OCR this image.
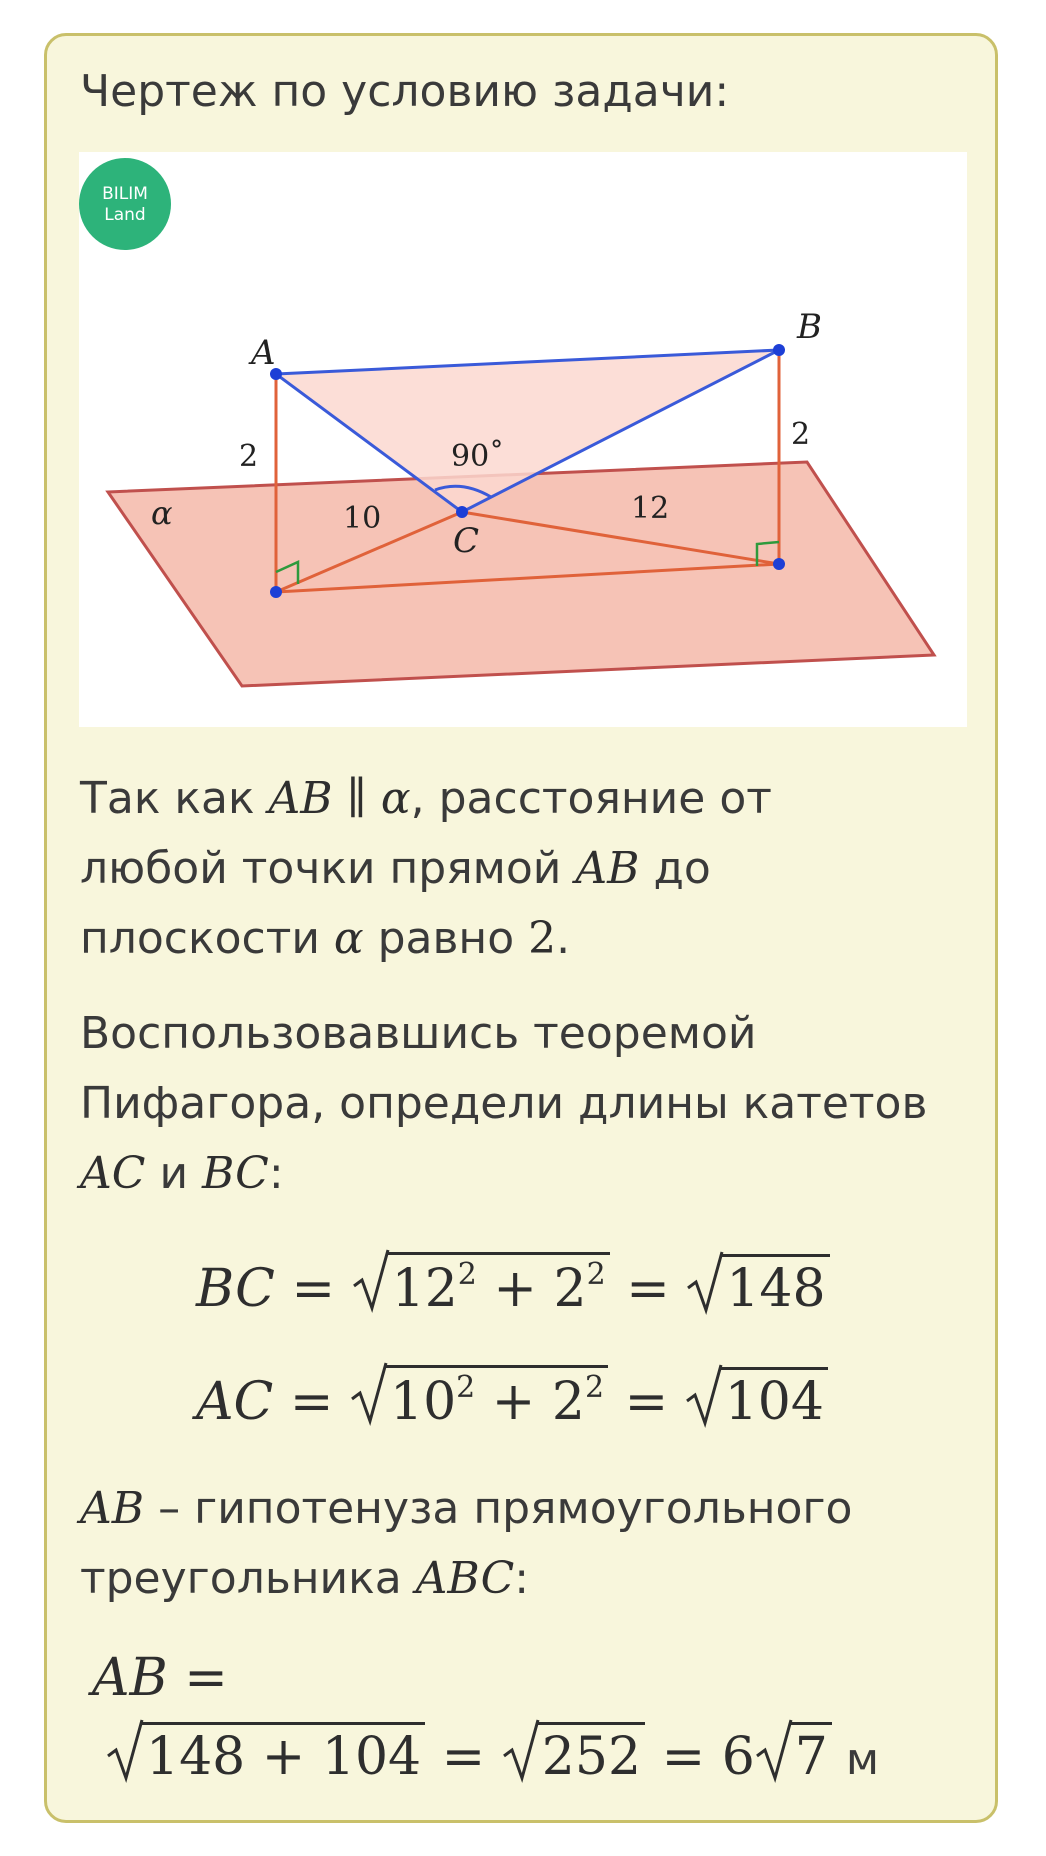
Чертеж по условию задачи:
BILIM
Land
A
B
C
α
2
2
10	12
90˚
Так как AB ∥ α, расстояние от
любой точки прямой AB до
плоскости α равно 2.
Воспользовавшись теоремой
Пифагора, определи длины катетов
AC и BC:
BC =
$12^2 + 2^2$ =
148
AC =
$10^2 + 2^2$ =
104
AB – гипотенуза прямоугольного
треугольника ABC:
AB =
148 + 104 =
252 = 6 7 м
